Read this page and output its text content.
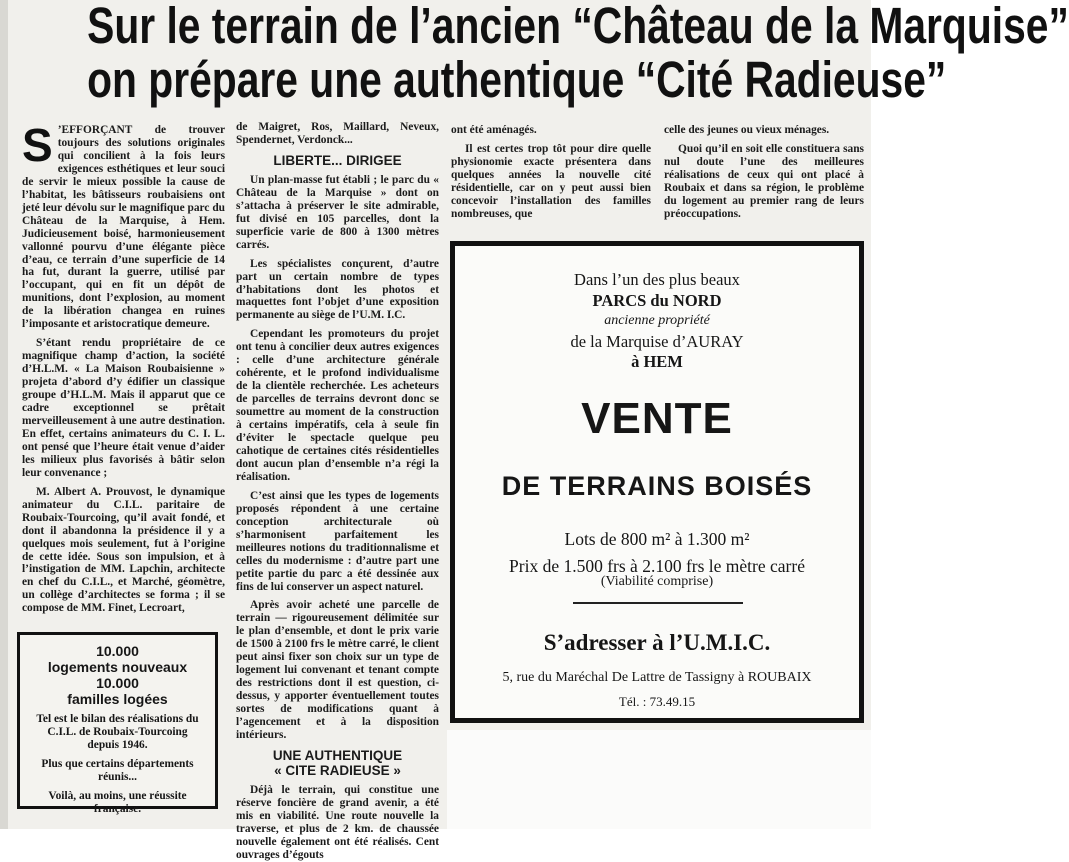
Sur le terrain de l’ancien “Château de la Marquise”
on prépare une authentique “Cité Radieuse”
S ’EFFORÇANT de trouver toujours des solutions originales qui concilient à la fois leurs exigences esthétiques et leur souci de servir le mieux possible la cause de l’habitat, les bâtisseurs roubaisiens ont jeté leur dévolu sur le magnifique parc du Château de la Marquise, à Hem. Judicieusement boisé, harmonieusement vallonné pourvu d’une élégante pièce d’eau, ce terrain d’une superficie de 14 ha fut, durant la guerre, utilisé par l’occupant, qui en fit un dépôt de munitions, dont l’explosion, au moment de la libération changea en ruines l’imposante et aristocratique demeure.

S’étant rendu propriétaire de ce magnifique champ d’action, la société d’H.L.M. « La Maison Roubaisienne » projeta d’abord d’y édifier un classique groupe d’H.L.M. Mais il apparut que ce cadre exceptionnel se prêtait merveilleusement à une autre destination. En effet, certains animateurs du C. I. L. ont pensé que l’heure était venue d’aider les milieux plus favorisés à bâtir selon leur convenance ;

M. Albert A. Prouvost, le dynamique animateur du C.I.L. paritaire de Roubaix-Tourcoing, qu’il avait fondé, et dont il abandonna la présidence il y a quelques mois seulement, fut à l’origine de cette idée. Sous son impulsion, et à l’instigation de MM. Lapchin, architecte en chef du C.I.L., et Marché, géomètre, un collège d’architectes se forma ; il se compose de MM. Finet, Lecroart,

de Maigret, Ros, Maillard, Neveux, Spendernet, Verdonck...

LIBERTE... DIRIGEE

Un plan-masse fut établi ; le parc du « Château de la Marquise » dont on s’attacha à préserver le site admirable, fut divisé en 105 parcelles, dont la superficie varie de 800 à 1300 mètres carrés.

Les spécialistes conçurent, d’autre part un certain nombre de types d’habitations dont les photos et maquettes font l’objet d’une exposition permanente au siège de l’U.M. I.C.

Cependant les promoteurs du projet ont tenu à concilier deux autres exigences : celle d’une architecture générale cohérente, et le profond individualisme de la clientèle recherchée. Les acheteurs de parcelles de terrains devront donc se soumettre au moment de la construction à certains impératifs, cela à seule fin d’éviter le spectacle quelque peu cahotique de certaines cités résidentielles dont aucun plan d’ensemble n’a régi la réalisation.

C’est ainsi que les types de logements proposés répondent à une certaine conception architecturale où s’harmonisent parfaitement les meilleures notions du traditionnalisme et celles du modernisme : d’autre part une petite partie du parc a été dessinée aux fins de lui conserver un aspect naturel.

Après avoir acheté une parcelle de terrain — rigoureusement délimitée sur le plan d’ensemble, et dont le prix varie de 1500 à 2100 frs le mètre carré, le client peut ainsi fixer son choix sur un type de logement lui convenant et tenant compte des restrictions dont il est question, ci-dessus, y apporter éventuellement toutes sortes de modifications quant à l’agencement et à la disposition intérieurs.

UNE AUTHENTIQUE
« CITE RADIEUSE »

Déjà le terrain, qui constitue une réserve foncière de grand avenir, a été mis en viabilité. Une route nouvelle la traverse, et plus de 2 km. de chaussée nouvelle également ont été réalisés. Cent ouvrages d’égouts

ont été aménagés.

Il est certes trop tôt pour dire quelle physionomie exacte présentera dans quelques années la nouvelle cité résidentielle, car on y peut aussi bien concevoir l’installation des familles nombreuses, que

celle des jeunes ou vieux ménages.

Quoi qu’il en soit elle constituera sans nul doute l’une des meilleures réalisations de ceux qui ont placé à Roubaix et dans sa région, le problème du logement au premier rang de leurs préoccupations.

10.000
logements nouveaux
10.000
familles logées
Tel est le bilan des réalisations du C.I.L. de Roubaix-Tourcoing depuis 1946.
Plus que certains départements réunis...
Voilà, au moins, une réussite française.
Dans l’un des plus beaux
PARCS du NORD
ancienne propriété
de la Marquise d’AURAY
à HEM
VENTE
DE TERRAINS BOISÉS
Lots de 800 m² à 1.300 m²
Prix de 1.500 frs à 2.100 frs le mètre carré
(Viabilité comprise)
S’adresser à l’U.M.I.C.
5, rue du Maréchal De Lattre de Tassigny à ROUBAIX
Tél. : 73.49.15
